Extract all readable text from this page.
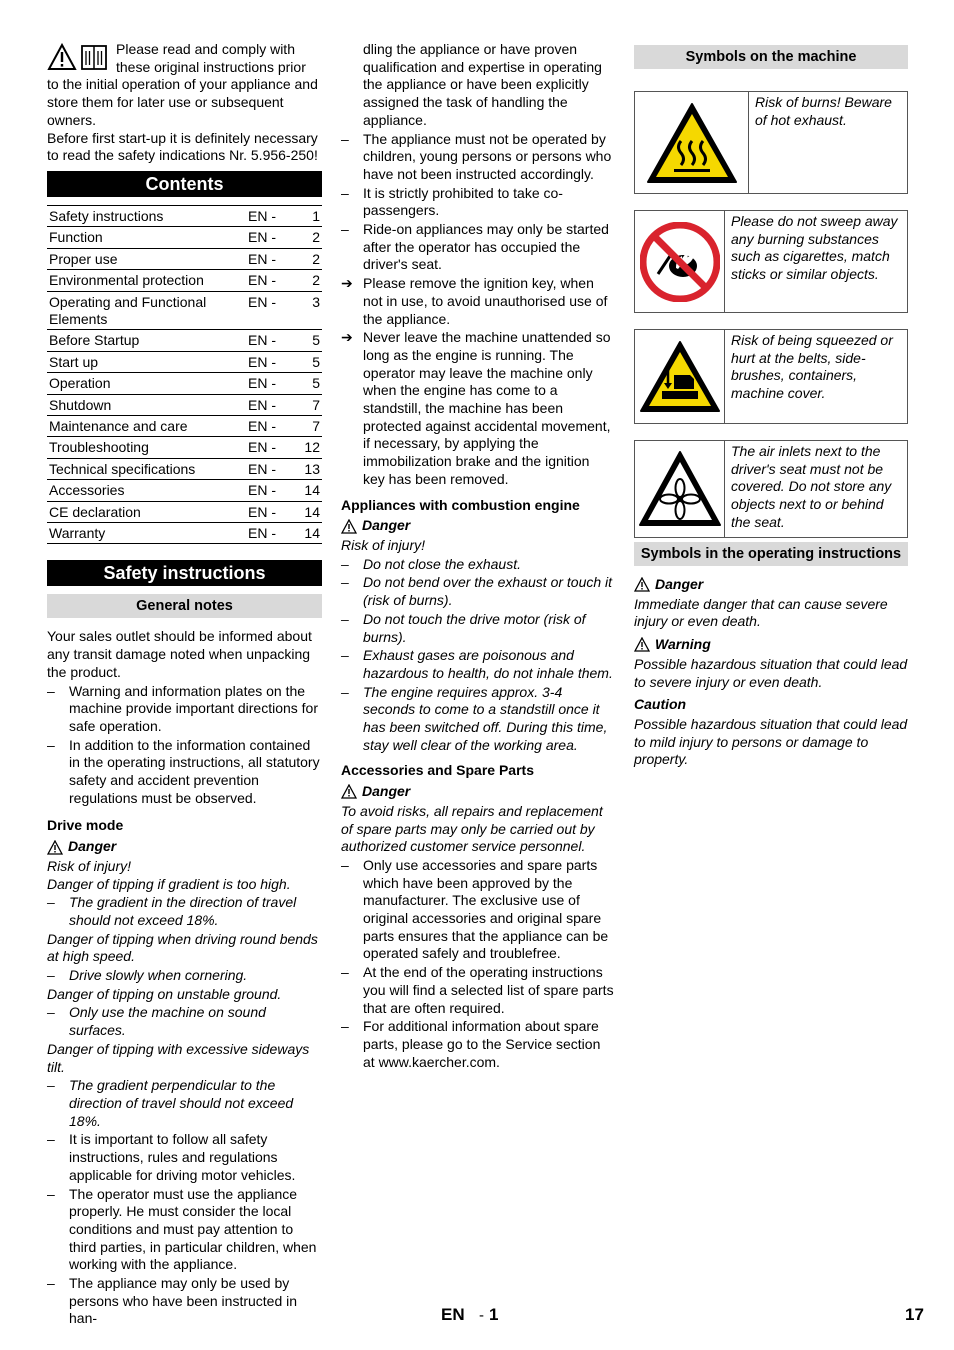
Please read and comply with these original instructions prior

to the initial operation of your appliance and store them for later use or subsequent owners.

Before first start-up it is definitely necessary to read the safety indications Nr. 5.956-250!

Contents
Safety instructions	EN -	1
Function	EN -	2
Proper use	EN -	2
Environmental protection	EN -	2
Operating and Functional Elements	EN -	3
Before Startup	EN -	5
Start up	EN -	5
Operation	EN -	5
Shutdown	EN -	7
Maintenance and care	EN -	7
Troubleshooting	EN -	12
Technical specifications	EN -	13
Accessories	EN -	14
CE declaration	EN -	14
Warranty	EN -	14
Safety instructions
General notes

Your sales outlet should be informed about any transit damage noted when unpacking the product.

–	Warning and information plates on the machine provide important directions for safe operation.
–	In addition to the information contained in the operating instructions, all statutory safety and accident prevention regulations must be observed.
Drive mode
Danger

Risk of injury!

Danger of tipping if gradient is too high.

–	The gradient in the direction of travel should not exceed 18%.

Danger of tipping when driving round bends at high speed.

–	Drive slowly when cornering.

Danger of tipping on unstable ground.

–	Only use the machine on sound surfaces.

Danger of tipping with excessive sideways tilt.

–	The gradient perpendicular to the direction of travel should not exceed 18%.
–	It is important to follow all safety instructions, rules and regulations applicable for driving motor vehicles.
–	The operator must use the appliance properly. He must consider the local conditions and must pay attention to third parties, in particular children, when working with the appliance.
–	The appliance may only be used by persons who have been instructed in han-

dling the appliance or have proven qualification and expertise in operating the appliance or have been explicitly assigned the task of handling the appliance.

–	The appliance must not be operated by children, young persons or persons who have not been instructed accordingly.
–	It is strictly prohibited to take co-passengers.
–	Ride-on appliances may only be started after the operator has occupied the driver's seat.
➔ Please remove the ignition key, when not in use, to avoid unauthorised use of the appliance.
➔ Never leave the machine unattended so long as the engine is running. The operator may leave the machine only when the engine has come to a standstill, the machine has been protected against accidental movement, if necessary, by applying the immobilization brake and the ignition key has been removed.
Appliances with combustion engine
Danger

Risk of injury!

–	Do not close the exhaust.
–	Do not bend over the exhaust or touch it (risk of burns).
–	Do not touch the drive motor (risk of burns).
–	Exhaust gases are poisonous and hazardous to health, do not inhale them.
–	The engine requires approx. 3-4 seconds to come to a standstill once it has been switched off. During this time, stay well clear of the working area.
Accessories and Spare Parts
Danger

To avoid risks, all repairs and replacement of spare parts may only be carried out by authorized customer service personnel.

–	Only use accessories and spare parts which have been approved by the manufacturer. The exclusive use of original accessories and original spare parts ensures that the appliance can be operated safely and troublefree.
–	At the end of the operating instructions you will find a selected list of spare parts that are often required.
–	For additional information about spare parts, please go to the Service section at www.kaercher.com.
Symbols on the machine
Risk of burns! Beware of hot exhaust.
Please do not sweep away any burning substances such as cigarettes, match sticks or similar objects.
Risk of being squeezed or hurt at the belts, side-brushes, containers, machine cover.
The air inlets next to the driver's seat must not be covered. Do not store any objects next to or behind the seat.
Symbols in the operating instructions
Danger

Immediate danger that can cause severe injury or even death.

Warning

Possible hazardous situation that could lead to severe injury or even death.

Caution

Possible hazardous situation that could lead to mild injury to persons or damage to property.

EN - 1	17
